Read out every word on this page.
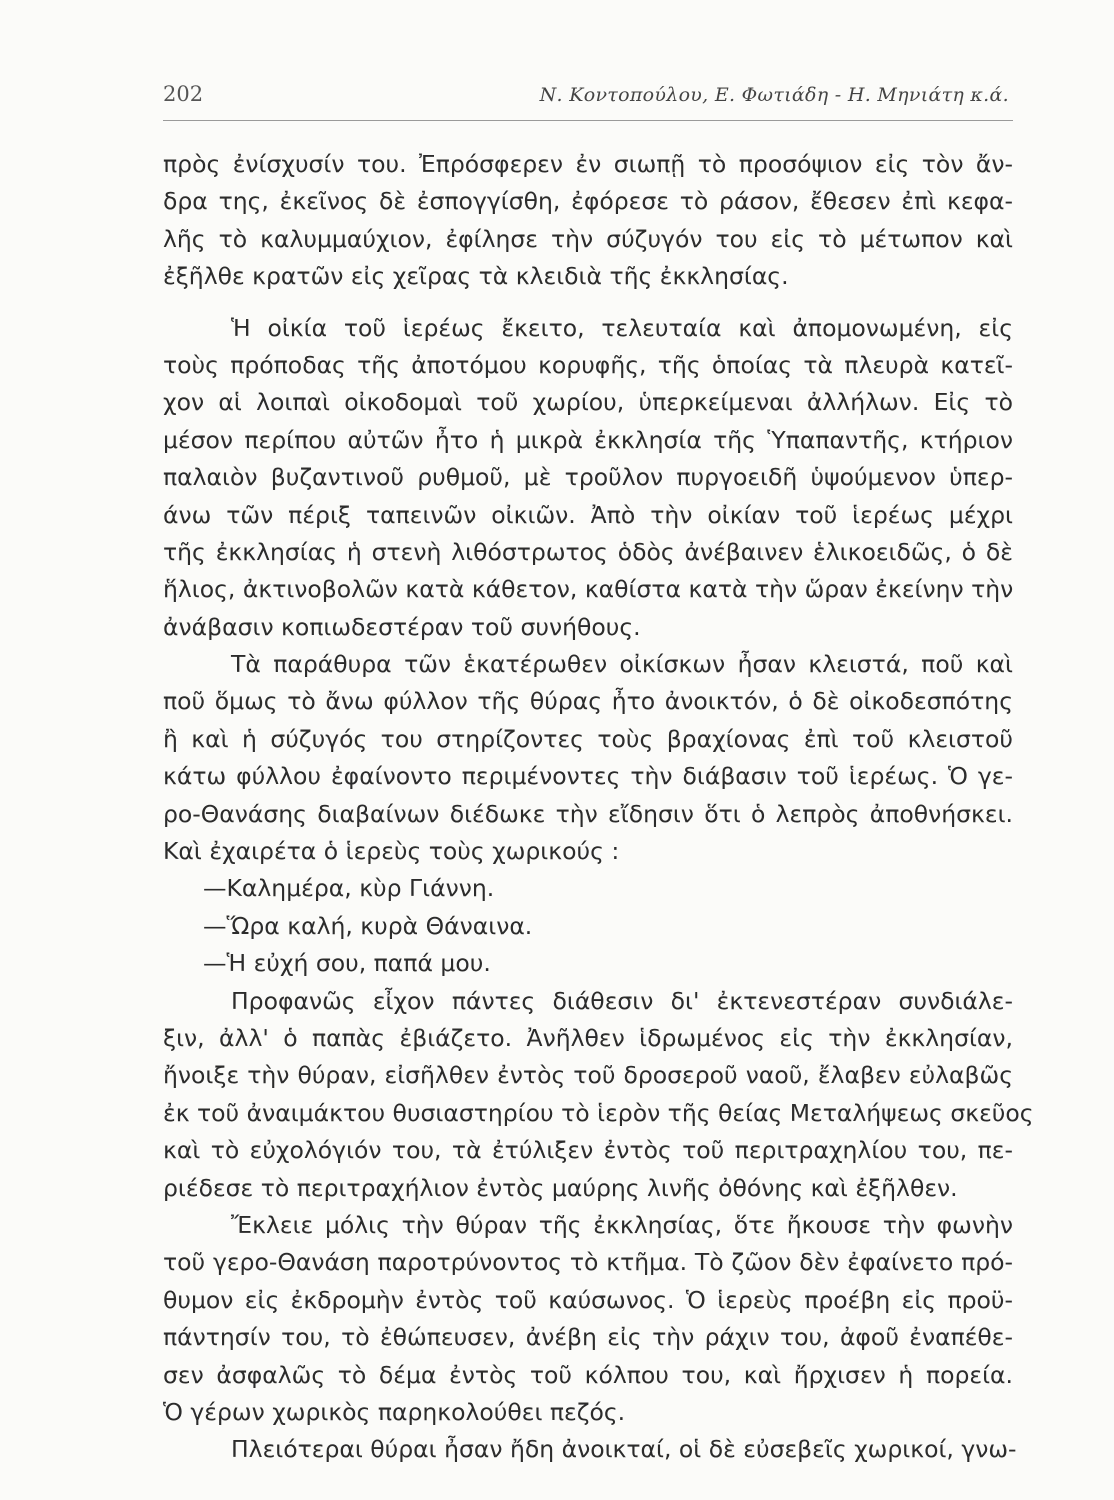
202	Ν. Κοντοπούλου, Ε. Φωτιάδη - Η. Μηνιάτη κ.ά.
πρὸς ἐνίσχυσίν του. Ἐπρόσφερεν ἐν σιωπῇ τὸ προσόψιον εἰς τὸν ἄν-
δρα της, ἐκεῖνος δὲ ἐσπογγίσθη, ἐφόρεσε τὸ ράσον, ἔθεσεν ἐπὶ κεφα-
λῆς τὸ καλυμμαύχιον, ἐφίλησε τὴν σύζυγόν του εἰς τὸ μέτωπον καὶ
ἐξῆλθε κρατῶν εἰς χεῖρας τὰ κλειδιὰ τῆς ἐκκλησίας.
Ἡ οἰκία τοῦ ἱερέως ἔκειτο, τελευταία καὶ ἀπομονωμένη, εἰς
τοὺς πρόποδας τῆς ἀποτόμου κορυφῆς, τῆς ὁποίας τὰ πλευρὰ κατεῖ-
χον αἱ λοιπαὶ οἰκοδομαὶ τοῦ χωρίου, ὑπερκείμεναι ἀλλήλων. Εἰς τὸ
μέσον περίπου αὐτῶν ἦτο ἡ μικρὰ ἐκκλησία τῆς Ὑπαπαντῆς, κτήριον
παλαιὸν βυζαντινοῦ ρυθμοῦ, μὲ τροῦλον πυργοειδῆ ὑψούμενον ὑπερ-
άνω τῶν πέριξ ταπεινῶν οἰκιῶν. Ἀπὸ τὴν οἰκίαν τοῦ ἱερέως μέχρι
τῆς ἐκκλησίας ἡ στενὴ λιθόστρωτος ὁδὸς ἀνέβαινεν ἑλικοειδῶς, ὁ δὲ
ἥλιος, ἀκτινοβολῶν κατὰ κάθετον, καθίστα κατὰ τὴν ὥραν ἐκείνην τὴν
ἀνάβασιν κοπιωδεστέραν τοῦ συνήθους.
Τὰ παράθυρα τῶν ἑκατέρωθεν οἰκίσκων ἦσαν κλειστά, ποῦ καὶ
ποῦ ὅμως τὸ ἄνω φύλλον τῆς θύρας ἦτο ἀνοικτόν, ὁ δὲ οἰκοδεσπότης
ἢ καὶ ἡ σύζυγός του στηρίζοντες τοὺς βραχίονας ἐπὶ τοῦ κλειστοῦ
κάτω φύλλου ἐφαίνοντο περιμένοντες τὴν διάβασιν τοῦ ἱερέως. Ὁ γε-
ρο-Θανάσης διαβαίνων διέδωκε τὴν εἴδησιν ὅτι ὁ λεπρὸς ἀποθνήσκει.
Καὶ ἐχαιρέτα ὁ ἱερεὺς τοὺς χωρικούς :
—Καλημέρα, κὺρ Γιάννη.
—Ὥρα καλή, κυρὰ Θάναινα.
—Ἡ εὐχή σου, παπά μου.
Προφανῶς εἶχον πάντες διάθεσιν δι' ἐκτενεστέραν συνδιάλε-
ξιν, ἀλλ' ὁ παπὰς ἐβιάζετο. Ἀνῆλθεν ἱδρωμένος εἰς τὴν ἐκκλησίαν,
ἤνοιξε τὴν θύραν, εἰσῆλθεν ἐντὸς τοῦ δροσεροῦ ναοῦ, ἔλαβεν εὐλαβῶς
ἐκ τοῦ ἀναιμάκτου θυσιαστηρίου τὸ ἱερὸν τῆς θείας Μεταλήψεως σκεῦος
καὶ τὸ εὐχολόγιόν του, τὰ ἐτύλιξεν ἐντὸς τοῦ περιτραχηλίου του, πε-
ριέδεσε τὸ περιτραχήλιον ἐντὸς μαύρης λινῆς ὀθόνης καὶ ἐξῆλθεν.
Ἔκλειε μόλις τὴν θύραν τῆς ἐκκλησίας, ὅτε ἤκουσε τὴν φωνὴν
τοῦ γερο-Θανάση παροτρύνοντος τὸ κτῆμα. Τὸ ζῶον δὲν ἐφαίνετο πρό-
θυμον εἰς ἐκδρομὴν ἐντὸς τοῦ καύσωνος. Ὁ ἱερεὺς προέβη εἰς προϋ-
πάντησίν του, τὸ ἐθώπευσεν, ἀνέβη εἰς τὴν ράχιν του, ἀφοῦ ἐναπέθε-
σεν ἀσφαλῶς τὸ δέμα ἐντὸς τοῦ κόλπου του, καὶ ἤρχισεν ἡ πορεία.
Ὁ γέρων χωρικὸς παρηκολούθει πεζός.
Πλειότεραι θύραι ἦσαν ἤδη ἀνοικταί, οἱ δὲ εὐσεβεῖς χωρικοί, γνω-
